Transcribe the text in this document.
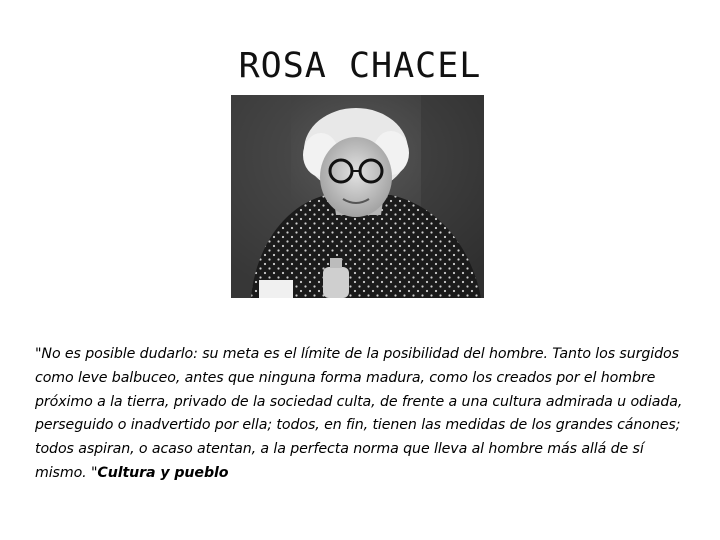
ROSA CHACEL
"No es posible dudarlo: su meta es el límite de la posibilidad del hombre. Tanto los surgidos como leve balbuceo, antes que ninguna forma madura, como los creados por el hombre próximo a la tierra, privado de la sociedad culta, de frente a una cultura admirada u odiada, perseguido o inadvertido por ella; todos, en fin, tienen las medidas de los grandes cánones; todos aspiran, o acaso atentan, a la perfecta norma que lleva al hombre más allá de sí mismo. "Cultura y pueblo
